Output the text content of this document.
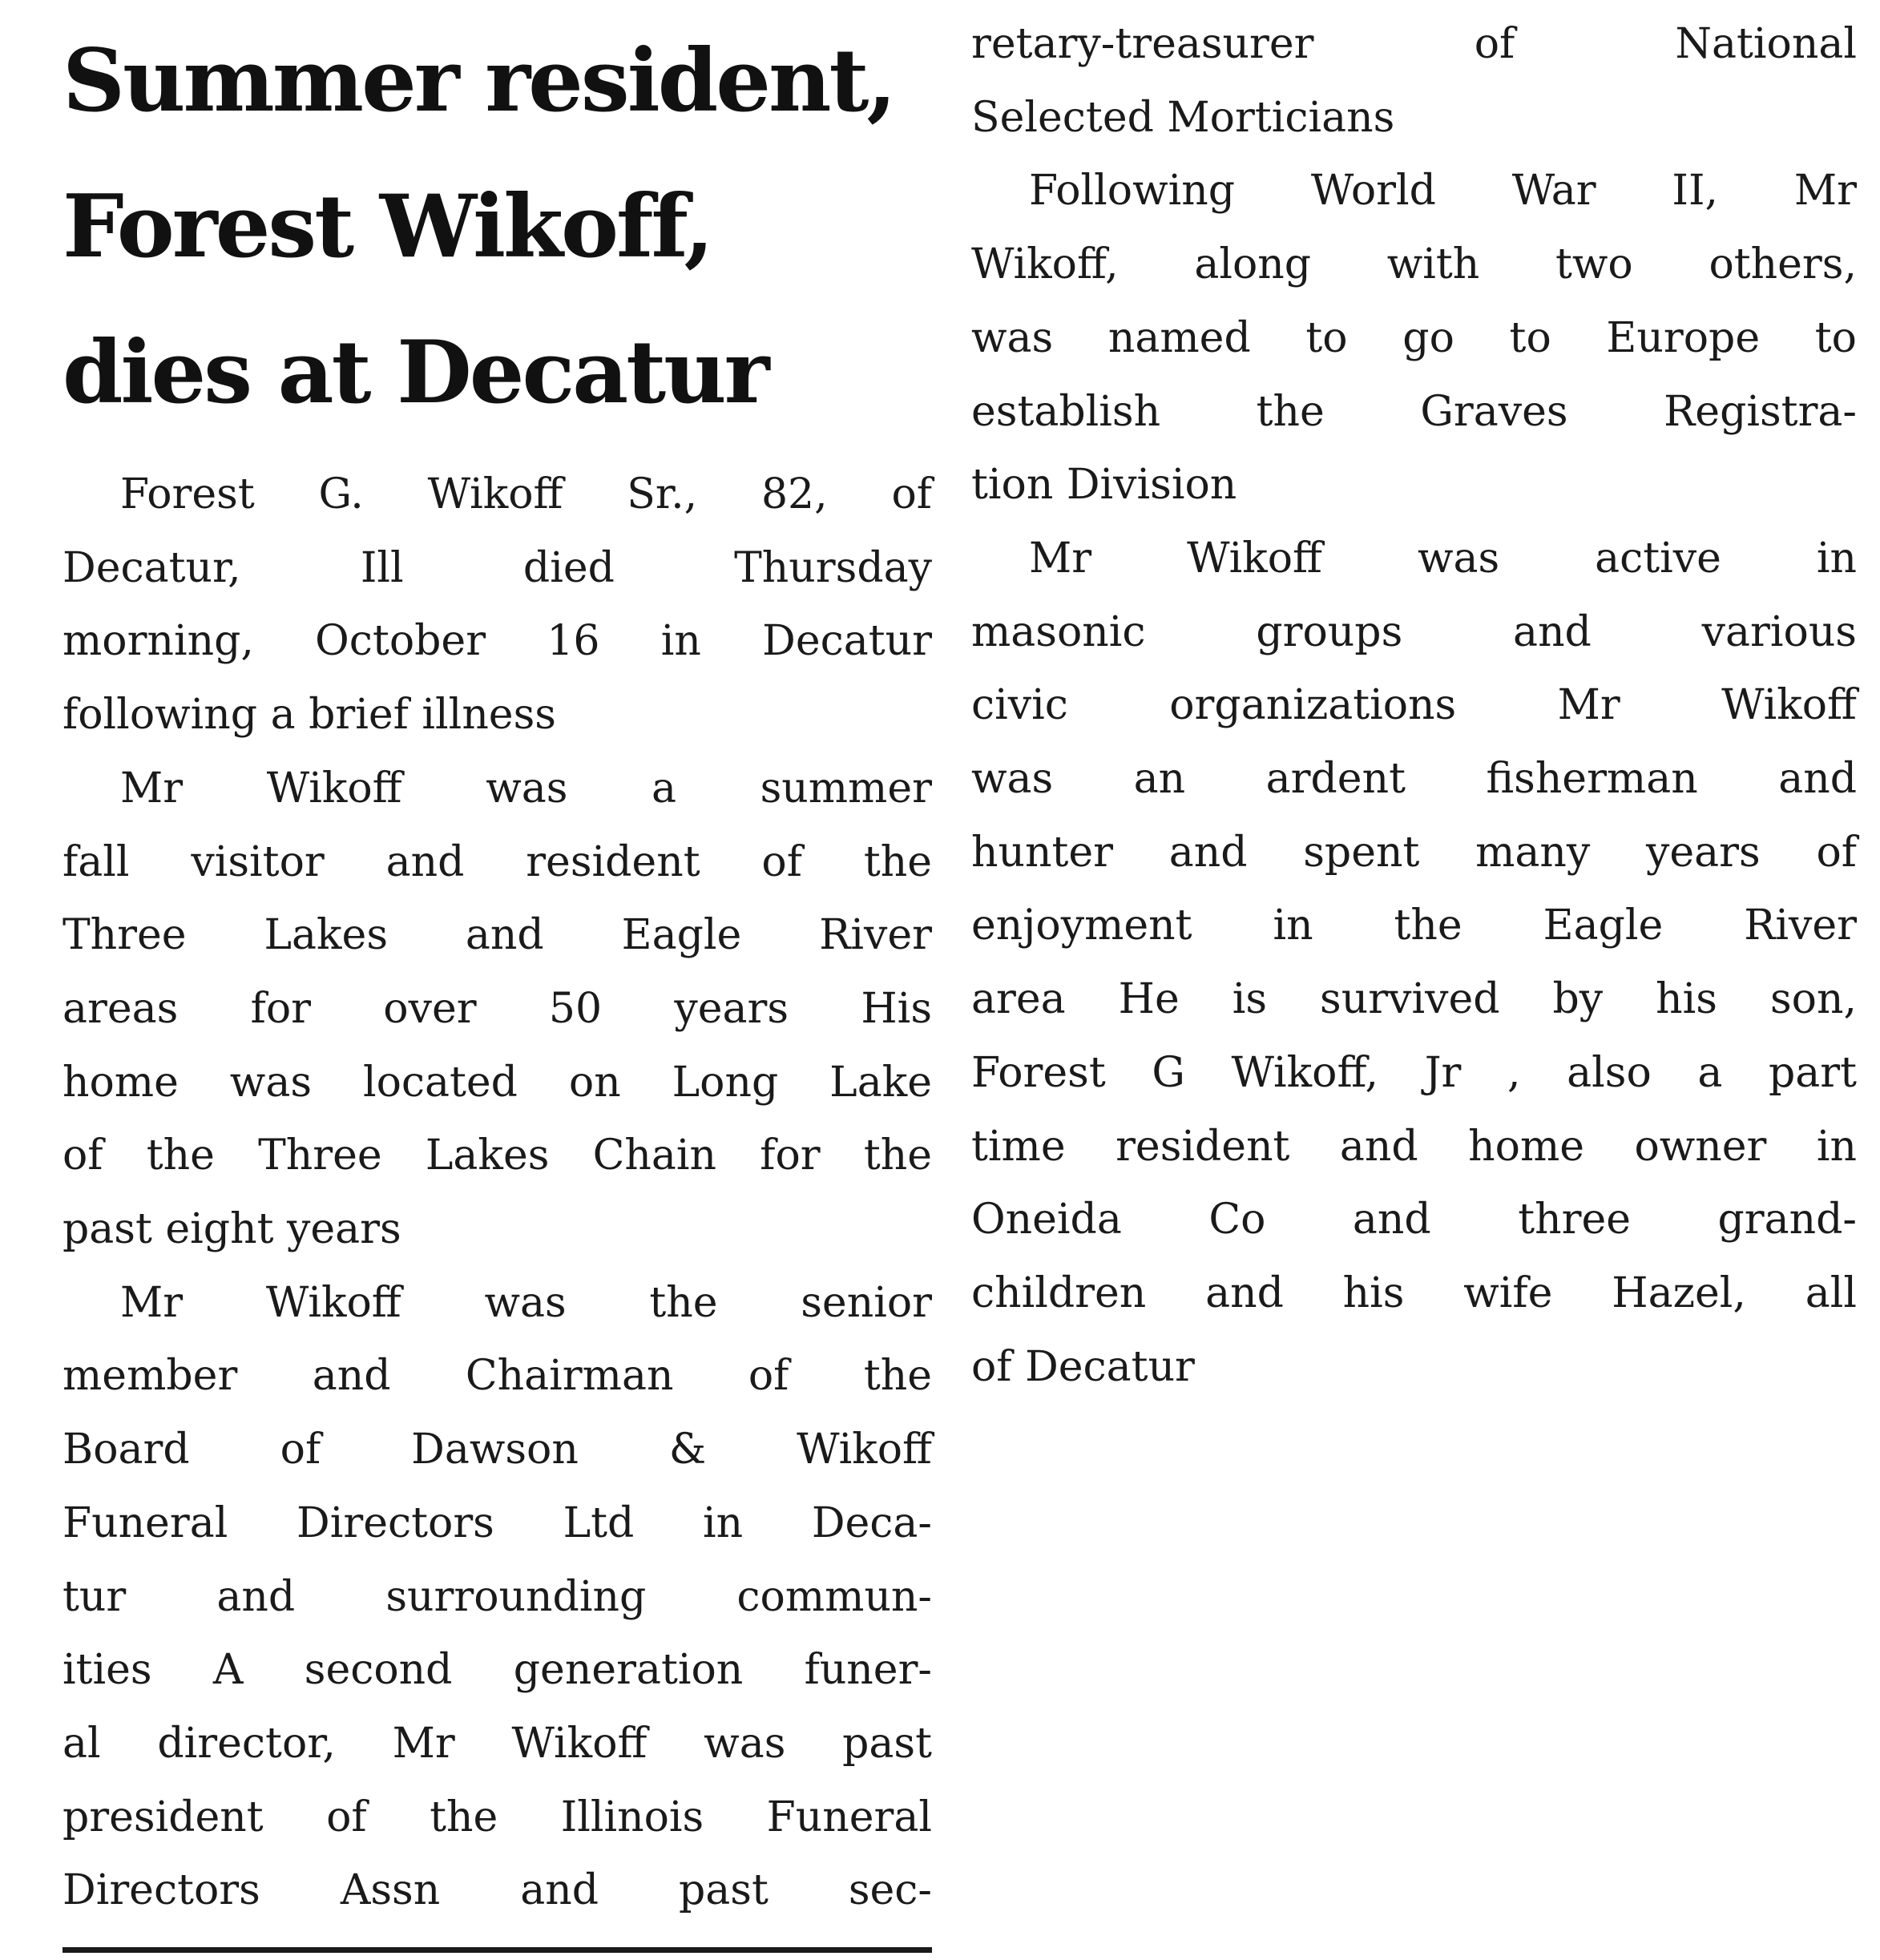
Summer resident,
Forest Wikoff,
dies at Decatur

Forest G. Wikoff Sr., 82, of
Decatur, Ill died Thursday
morning, October 16 in Decatur
following a brief illness

Mr Wikoff was a summer
fall visitor and resident of the
Three Lakes and Eagle River
areas for over 50 years His
home was located on Long Lake
of the Three Lakes Chain for the
past eight years

Mr Wikoff was the senior
member and Chairman of the
Board of Dawson & Wikoff
Funeral Directors Ltd in Deca-
tur and surrounding commun-
ities A second generation funer-
al director, Mr Wikoff was past
president of the Illinois Funeral
Directors Assn and past sec-

retary-treasurer of National
Selected Morticians

Following World War II, Mr
Wikoff, along with two others,
was named to go to Europe to
establish the Graves Registra-
tion Division

Mr Wikoff was active in
masonic groups and various
civic organizations Mr Wikoff
was an ardent fisherman and
hunter and spent many years of
enjoyment in the Eagle River
area He is survived by his son,
Forest G Wikoff, Jr , also a part
time resident and home owner in
Oneida Co and three grand-
children and his wife Hazel, all
of Decatur
